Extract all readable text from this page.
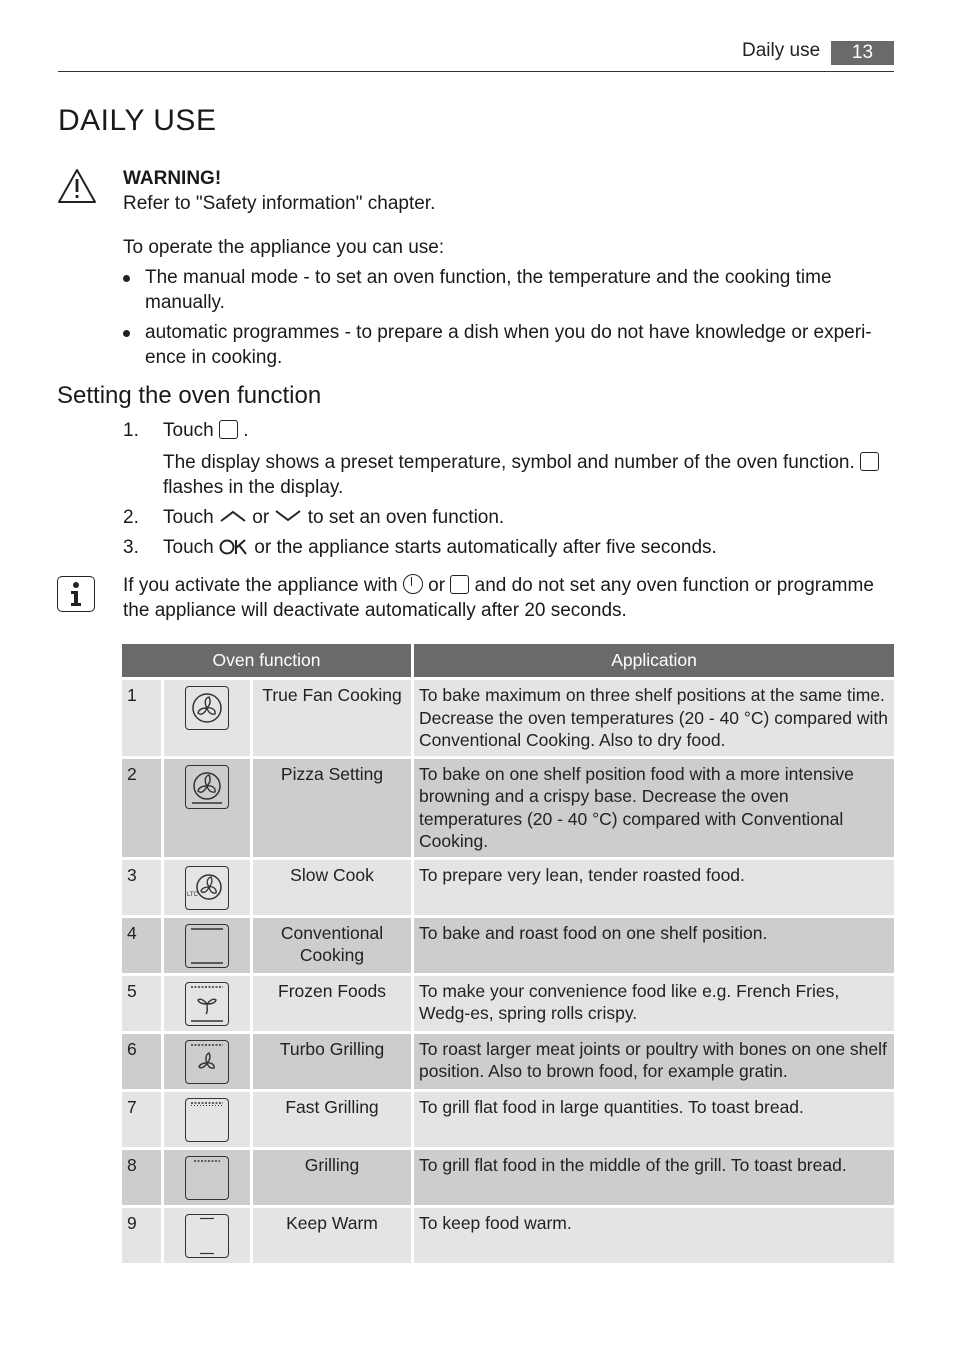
Daily use	13
DAILY USE
WARNING!
Refer to "Safety information" chapter.
To operate the appliance you can use:
The manual mode - to set an oven function, the temperature and the cooking time manually.
automatic programmes - to prepare a dish when you do not have knowledge or experi-ence in cooking.
Setting the oven function
1. Touch .
The display shows a preset temperature, symbol and number of the oven function.
flashes in the display.
2. Touch or to set an oven function.
3. Touch or the appliance starts automatically after five seconds.
If you activate the appliance with or and do not set any oven function or programme the appliance will deactivate automatically after 20 seconds.
Oven function			Application
1		True Fan Cooking	To bake maximum on three shelf positions at the same time. Decrease the oven temperatures (20 - 40 °C) compared with Conventional Cooking. Also to dry food.
2		Pizza Setting	To bake on one shelf position food with a more intensive browning and a crispy base. Decrease the oven temperatures (20 - 40 °C) compared with Conventional Cooking.
3	LTC	Slow Cook	To prepare very lean, tender roasted food.
4		Conventional Cooking	To bake and roast food on one shelf position.
5		Frozen Foods	To make your convenience food like e.g. French Fries, Wedg-es, spring rolls crispy.
6		Turbo Grilling	To roast larger meat joints or poultry with bones on one shelf position. Also to brown food, for example gratin.
7		Fast Grilling	To grill flat food in large quantities. To toast bread.
8		Grilling	To grill flat food in the middle of the grill. To toast bread.
9		Keep Warm	To keep food warm.
